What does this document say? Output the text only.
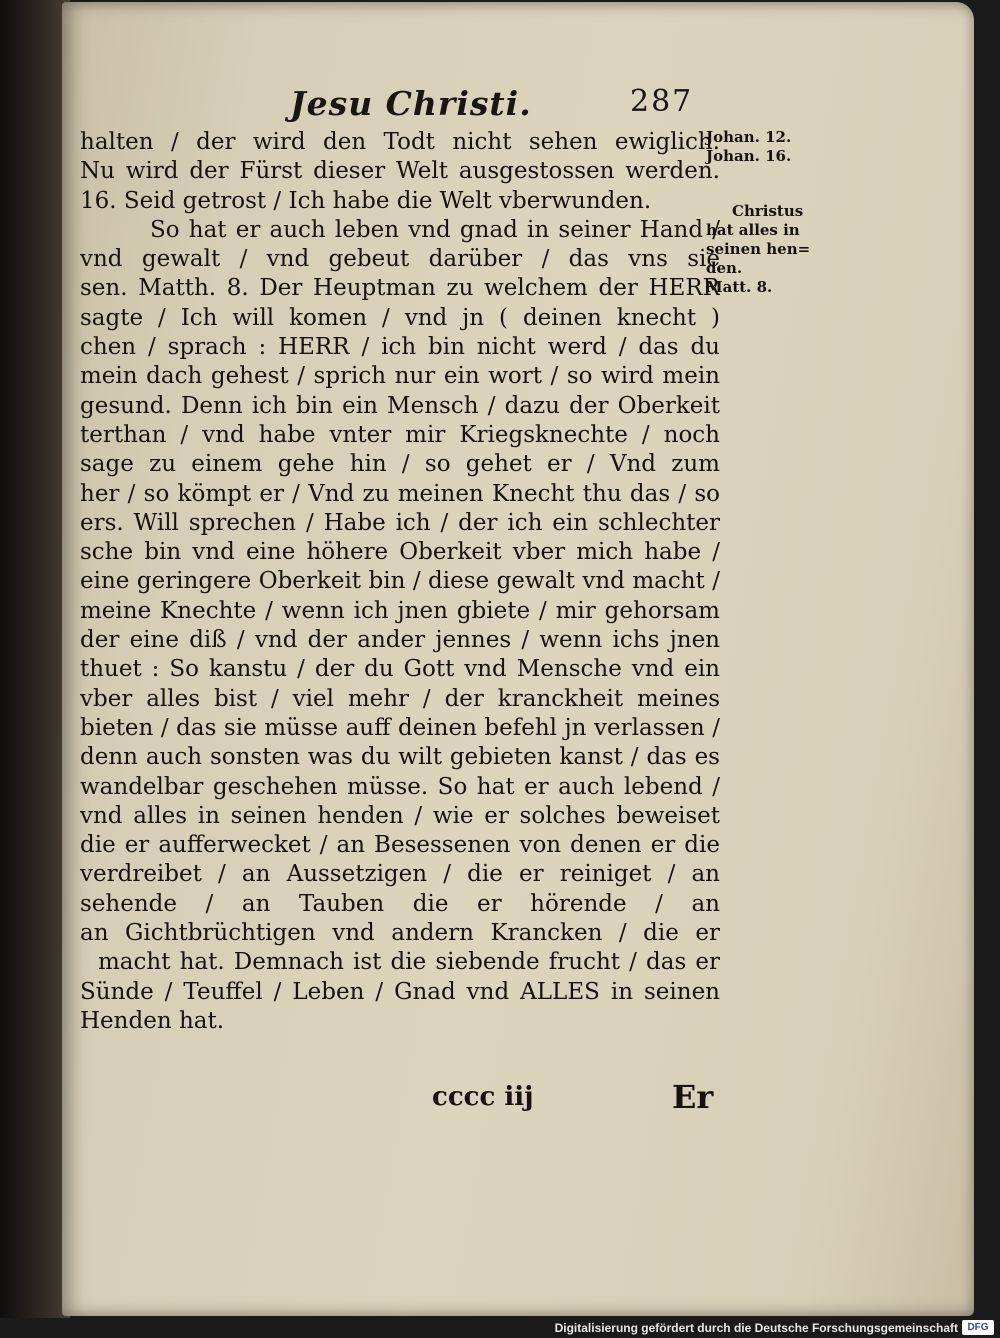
Jesu Christi.	287
halten / der wird den Todt nicht sehen ewiglich.
Nu wird der Fürst dieser Welt ausgestossen werden.
16. Seid getrost / Ich habe die Welt vberwunden.
So hat er auch leben vnd gnad in seiner Hand /
vnd gewalt / vnd gebeut darüber / das vns sie
sen. Matth. 8. Der Heuptman zu welchem der HERR
sagte / Ich will komen / vnd jn ( deinen knecht )
chen / sprach : HERR / ich bin nicht werd / das du
mein dach gehest / sprich nur ein wort / so wird mein
gesund. Denn ich bin ein Mensch / dazu der Oberkeit
terthan / vnd habe vnter mir Kriegsknechte / noch
sage zu einem gehe hin / so gehet er / Vnd zum
her / so kömpt er / Vnd zu meinen Knecht thu das / so
ers. Will sprechen / Habe ich / der ich ein schlechter
sche bin vnd eine höhere Oberkeit vber mich habe /
eine geringere Oberkeit bin / diese gewalt vnd macht /
meine Knechte / wenn ich jnen gbiete / mir gehorsam
der eine diß / vnd der ander jennes / wenn ichs jnen
thuet : So kanstu / der du Gott vnd Mensche vnd ein
vber alles bist / viel mehr / der kranckheit meines
bieten / das sie müsse auff deinen befehl jn verlassen /
denn auch sonsten was du wilt gebieten kanst / das es
wandelbar geschehen müsse. So hat er auch lebend /
vnd alles in seinen henden / wie er solches beweiset
die er aufferwecket / an Besessenen von denen er die
verdreibet / an Aussetzigen / die er reiniget / an
sehende / an Tauben die er hörende / an
an Gichtbrüchtigen vnd andern Krancken / die er
macht hat. Demnach ist die siebende frucht / das er
Sünde / Teuffel / Leben / Gnad vnd ALLES in seinen
Henden hat.
Johan. 12.
Johan. 16.
Christus
hat alles in
seinen hen=
den.
Matt. 8.
cccc iij	Er
Digitalisierung gefördert durch die Deutsche Forschungsgemeinschaft DFG
